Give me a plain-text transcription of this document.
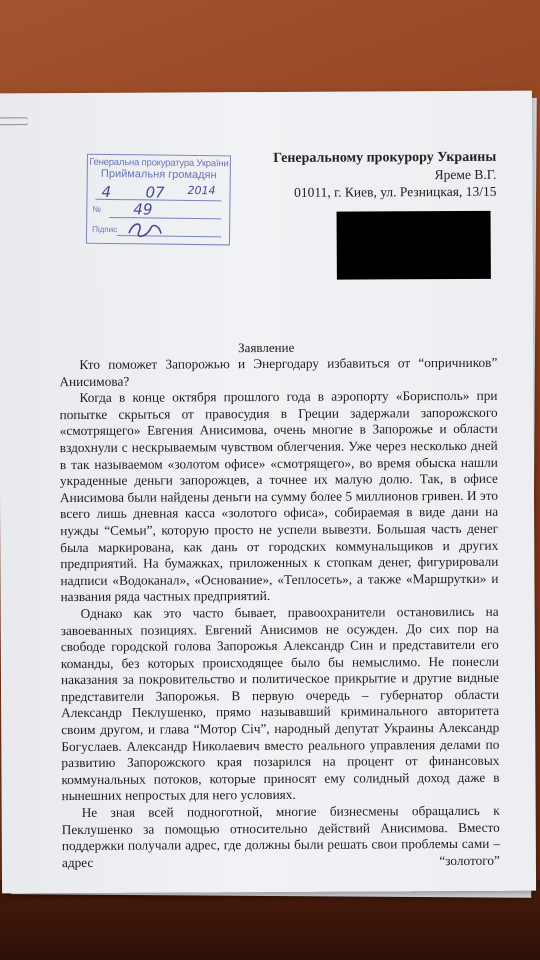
Генеральна прокуратура України
Приймальня громадян
4 07 2014
№ 49
Підпис
Генеральному прокурору Украины
Яреме В.Г.
01011, г. Киев, ул. Резницкая, 13/15
Заявление

Кто поможет Запорожью и Энергодару избавиться от “опричников” Анисимова?

Когда в конце октября прошлого года в аэропорту «Борисполь» при попытке скрыться от правосудия в Греции задержали запорожского «смотрящего» Евгения Анисимова, очень многие в Запорожье и области вздохнули с нескрываемым чувством облегчения. Уже через несколько дней в так называемом «золотом офисе» «смотрящего», во время обыска нашли украденные деньги запорожцев, а точнее их малую долю. Так, в офисе Анисимова были найдены деньги на сумму более 5 миллионов гривен. И это всего лишь дневная касса «золотого офиса», собираемая в виде дани на нужды “Семьи”, которую просто не успели вывезти. Большая часть денег была маркирована, как дань от городских коммунальщиков и других предприятий. На бумажках, приложенных к стопкам денег, фигурировали надписи «Водоканал», «Основание», «Теплосеть», а также «Маршрутки» и названия ряда частных предприятий.

Однако как это часто бывает, правоохранители остановились на завоеванных позициях. Евгений Анисимов не осужден. До сих пор на свободе городской голова Запорожья Александр Син и представители его команды, без которых происходящее было бы немыслимо. Не понесли наказания за покровительство и политическое прикрытие и другие видные представители Запорожья. В первую очередь – губернатор области Александр Пеклушенко, прямо называвший криминального авторитета своим другом, и глава “Мотор Січ”, народный депутат Украины Александр Богуслаев. Александр Николаевич вместо реального управления делами по развитию Запорожского края позарился на процент от финансовых коммунальных потоков, которые приносят ему солидный доход даже в нынешних непростых для него условиях.

Не зная всей подноготной, многие бизнесмены обращались к Пеклушенко за помощью относительно действий Анисимова. Вместо поддержки получали адрес, где должны были решать свои проблемы сами – адрес “золотого”
